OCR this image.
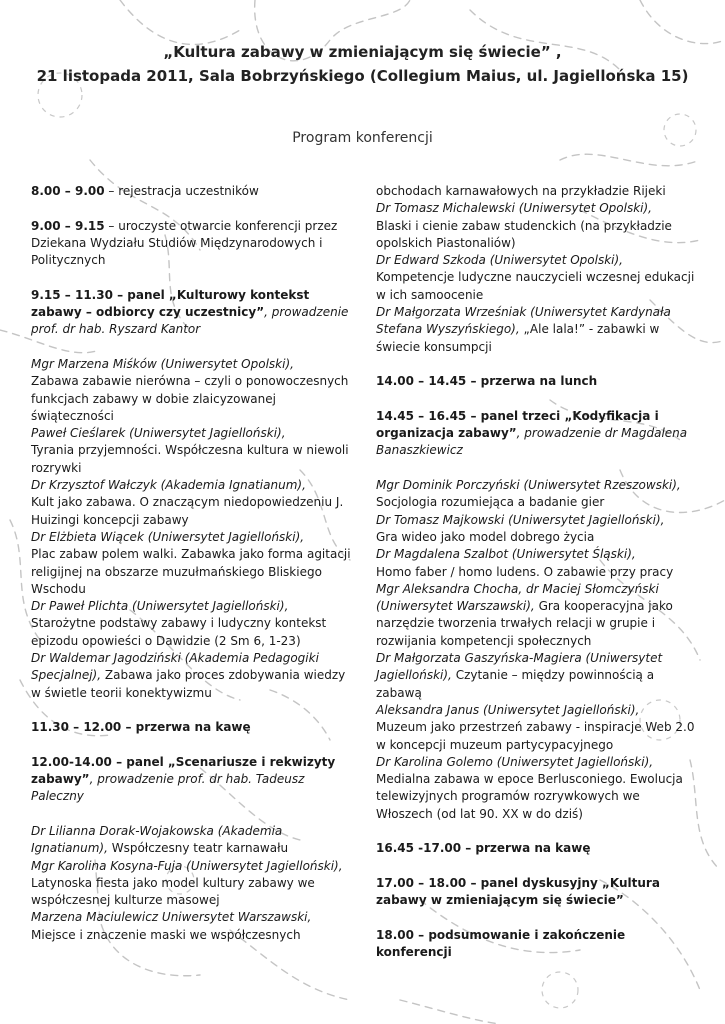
„Kultura zabawy w zmieniającym się świecie” ,
21 listopada 2011, Sala Bobrzyńskiego (Collegium Maius, ul. Jagiellońska 15)
Program konferencji

8.00 – 9.00 – rejestracja uczestników

9.00 – 9.15 – uroczyste otwarcie konferencji przez Dziekana Wydziału Studiów Międzynarodowych i Politycznych

9.15 – 11.30 – panel „Kulturowy kontekst zabawy – odbiorcy czy uczestnicy”, prowadzenie prof. dr hab. Ryszard Kantor

Mgr Marzena Miśków (Uniwersytet Opolski),
Zabawa zabawie nierówna – czyli o ponowoczesnych funkcjach zabawy w dobie zlaicyzowanej świąteczności
Paweł Cieślarek (Uniwersytet Jagielloński),
Tyrania przyjemności. Współczesna kultura w niewoli rozrywki
Dr Krzysztof Wałczyk (Akademia Ignatianum),
Kult jako zabawa. O znaczącym niedopowiedzeniu J. Huizingi koncepcji zabawy
Dr Elżbieta Wiącek (Uniwersytet Jagielloński),
Plac zabaw polem walki. Zabawka jako forma agitacji religijnej na obszarze muzułmańskiego Bliskiego Wschodu
Dr Paweł Plichta (Uniwersytet Jagielloński),
Starożytne podstawy zabawy i ludyczny kontekst epizodu opowieści o Dawidzie (2 Sm 6, 1-23)
Dr Waldemar Jagodziński (Akademia Pedagogiki Specjalnej), Zabawa jako proces zdobywania wiedzy w świetle teorii konektywizmu

11.30 – 12.00 – przerwa na kawę

12.00-14.00 – panel „Scenariusze i rekwizyty zabawy”, prowadzenie prof. dr hab. Tadeusz Paleczny

Dr Lilianna Dorak-Wojakowska (Akademia Ignatianum), Współczesny teatr karnawału
Mgr Karolina Kosyna-Fuja (Uniwersytet Jagielloński),
Latynoska fiesta jako model kultury zabawy we współczesnej kulturze masowej
Marzena Maciulewicz Uniwersytet Warszawski,
Miejsce i znaczenie maski we współczesnych

obchodach karnawałowych na przykładzie Rijeki
Dr Tomasz Michalewski (Uniwersytet Opolski),
Blaski i cienie zabaw studenckich (na przykładzie opolskich Piastonaliów)
Dr Edward Szkoda (Uniwersytet Opolski),
Kompetencje ludyczne nauczycieli wczesnej edukacji w ich samoocenie
Dr Małgorzata Wrześniak (Uniwersytet Kardynała Stefana Wyszyńskiego), „Ale lala!” - zabawki w świecie konsumpcji

14.00 – 14.45 – przerwa na lunch

14.45 – 16.45 – panel trzeci „Kodyfikacja i organizacja zabawy”, prowadzenie dr Magdalena Banaszkiewicz

Mgr Dominik Porczyński (Uniwersytet Rzeszowski),
Socjologia rozumiejąca a badanie gier
Dr Tomasz Majkowski (Uniwersytet Jagielloński),
Gra wideo jako model dobrego życia
Dr Magdalena Szalbot (Uniwersytet Śląski),
Homo faber / homo ludens. O zabawie przy pracy
Mgr Aleksandra Chocha, dr Maciej Słomczyński (Uniwersytet Warszawski), Gra kooperacyjna jako narzędzie tworzenia trwałych relacji w grupie i rozwijania kompetencji społecznych
Dr Małgorzata Gaszyńska-Magiera (Uniwersytet Jagielloński), Czytanie – między powinnością a zabawą
Aleksandra Janus (Uniwersytet Jagielloński),
Muzeum jako przestrzeń zabawy - inspiracje Web 2.0 w koncepcji muzeum partycypacyjnego
Dr Karolina Golemo (Uniwersytet Jagielloński),
Medialna zabawa w epoce Berlusconiego. Ewolucja telewizyjnych programów rozrywkowych we Włoszech (od lat 90. XX w do dziś)

16.45 -17.00 – przerwa na kawę

17.00 – 18.00 – panel dyskusyjny „Kultura zabawy w zmieniającym się świecie”

18.00 – podsumowanie i zakończenie konferencji
